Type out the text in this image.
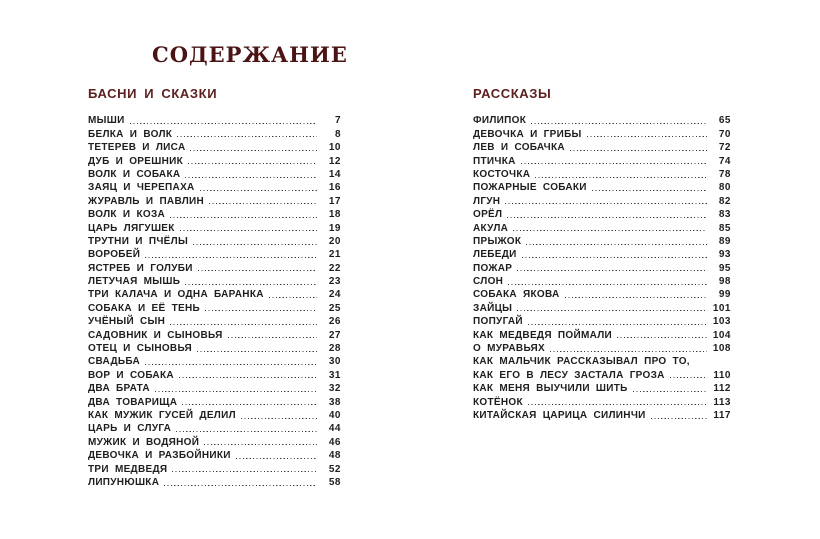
СОДЕРЖАНИЕ
БАСНИ И СКАЗКИ
МЫШИ	7
БЕЛКА И ВОЛК	8
ТЕТЕРЕВ И ЛИСА	10
ДУБ И ОРЕШНИК	12
ВОЛК И СОБАКА	14
ЗАЯЦ И ЧЕРЕПАХА	16
ЖУРАВЛЬ И ПАВЛИН	17
ВОЛК И КОЗА	18
ЦАРЬ ЛЯГУШЕК	19
ТРУТНИ И ПЧЁЛЫ	20
ВОРОБЕЙ	21
ЯСТРЕБ И ГОЛУБИ	22
ЛЕТУЧАЯ МЫШЬ	23
ТРИ КАЛАЧА И ОДНА БАРАНКА	24
СОБАКА И ЕЁ ТЕНЬ	25
УЧЁНЫЙ СЫН	26
САДОВНИК И СЫНОВЬЯ	27
ОТЕЦ И СЫНОВЬЯ	28
СВАДЬБА	30
ВОР И СОБАКА	31
ДВА БРАТА	32
ДВА ТОВАРИЩА	38
КАК МУЖИК ГУСЕЙ ДЕЛИЛ	40
ЦАРЬ И СЛУГА	44
МУЖИК И ВОДЯНОЙ	46
ДЕВОЧКА И РАЗБОЙНИКИ	48
ТРИ МЕДВЕДЯ	52
ЛИПУНЮШКА	58
РАССКАЗЫ
ФИЛИПОК	65
ДЕВОЧКА И ГРИБЫ	70
ЛЕВ И СОБАЧКА	72
ПТИЧКА	74
КОСТОЧКА	78
ПОЖАРНЫЕ СОБАКИ	80
ЛГУН	82
ОРЁЛ	83
АКУЛА	85
ПРЫЖОК	89
ЛЕБЕДИ	93
ПОЖАР	95
СЛОН	98
СОБАКА ЯКОВА	99
ЗАЙЦЫ	101
ПОПУГАЙ	103
КАК МЕДВЕДЯ ПОЙМАЛИ	104
О МУРАВЬЯХ	108
КАК МАЛЬЧИК РАССКАЗЫВАЛ ПРО ТО,
КАК ЕГО В ЛЕСУ ЗАСТАЛА ГРОЗА	110
КАК МЕНЯ ВЫУЧИЛИ ШИТЬ	112
КОТЁНОК	113
КИТАЙСКАЯ ЦАРИЦА СИЛИНЧИ	117
